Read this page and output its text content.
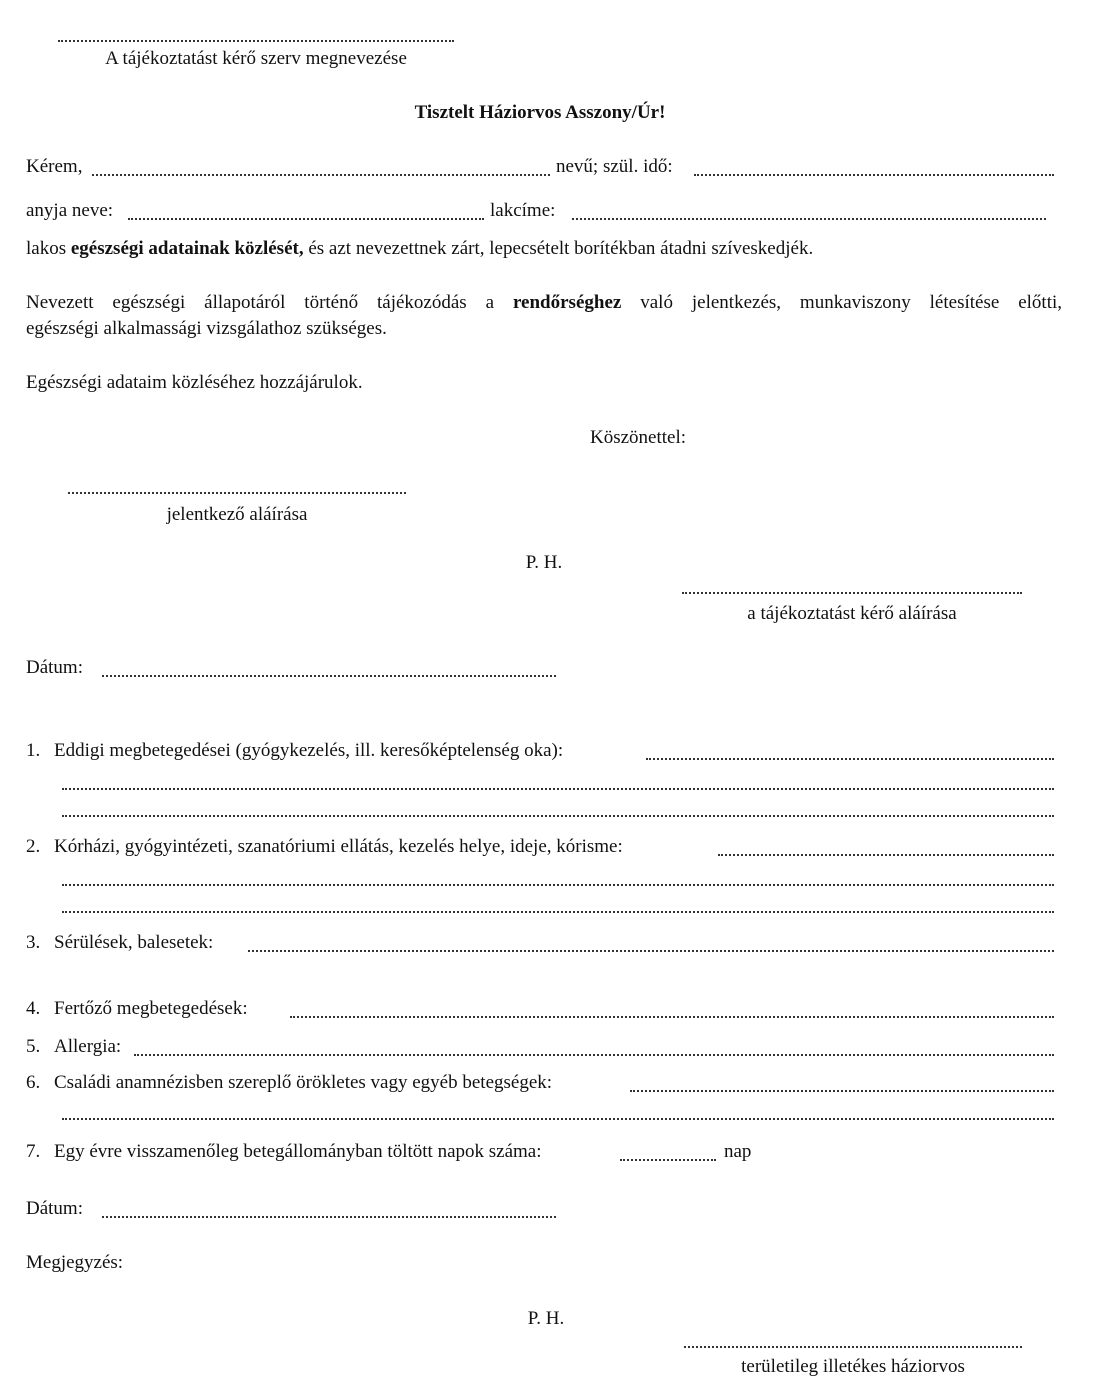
A tájékoztatást kérő szerv megnevezése
Tisztelt Háziorvos Asszony/Úr!
Kérem,	nevű; szül. idő:
anyja neve:	lakcíme:
lakos egészségi adatainak közlését, és azt nevezettnek zárt, lepecsételt borítékban átadni szíveskedjék.
Nevezett egészségi állapotáról történő tájékozódás a rendőrséghez való jelentkezés, munkaviszony létesítése előtti,
egészségi alkalmassági vizsgálathoz szükséges.
Egészségi adataim közléséhez hozzájárulok.
Köszönettel:
jelentkező aláírása
P. H.
a tájékoztatást kérő aláírása
Dátum:
1. Eddigi megbetegedései (gyógykezelés, ill. keresőképtelenség oka):
2. Kórházi, gyógyintézeti, szanatóriumi ellátás, kezelés helye, ideje, kórisme:
3. Sérülések, balesetek:
4. Fertőző megbetegedések:
5. Allergia:
6. Családi anamnézisben szereplő örökletes vagy egyéb betegségek:
7. Egy évre visszamenőleg betegállományban töltött napok száma:	nap
Dátum:
Megjegyzés:
P. H.
területileg illetékes háziorvos
